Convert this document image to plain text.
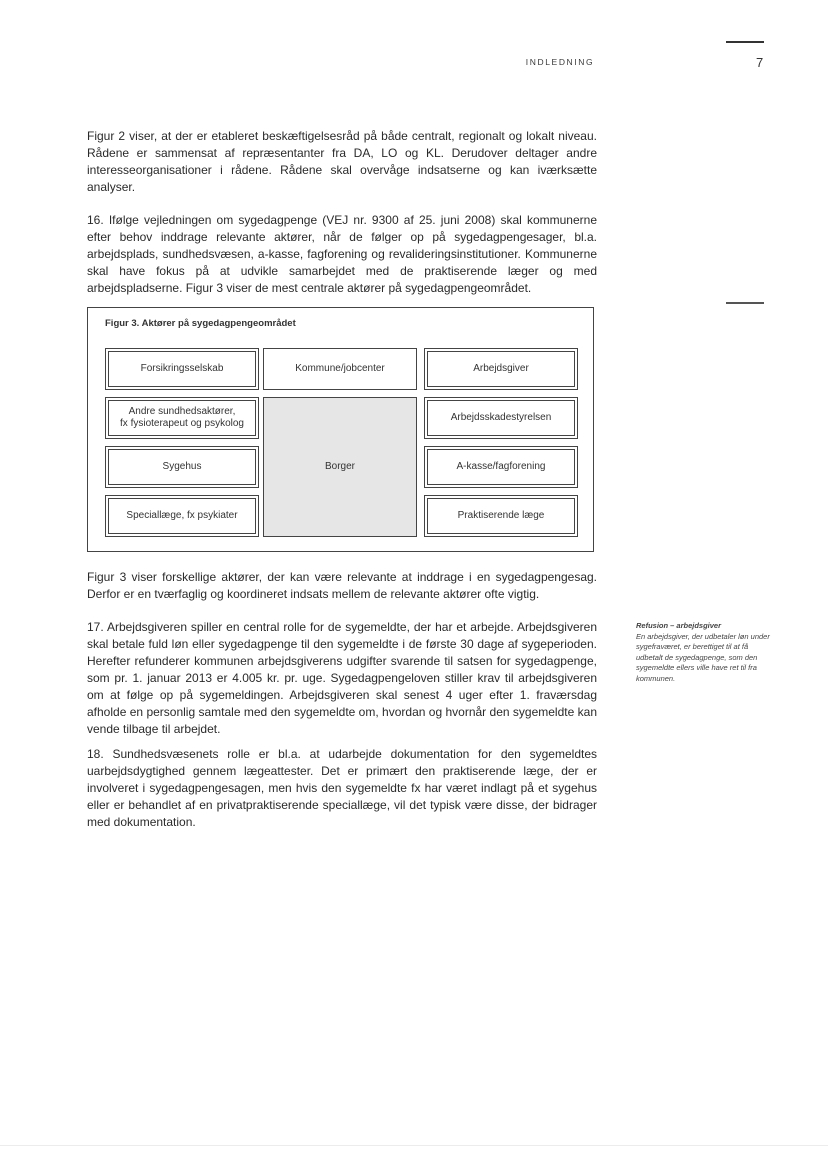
INDLEDNING	7

Figur 2 viser, at der er etableret beskæftigelsesråd på både centralt, regionalt og lokalt niveau. Rådene er sammensat af repræsentanter fra DA, LO og KL. Derudover deltager andre interesseorganisationer i rådene. Rådene skal overvåge indsatserne og kan iværksætte analyser.

16. Ifølge vejledningen om sygedagpenge (VEJ nr. 9300 af 25. juni 2008) skal kommunerne efter behov inddrage relevante aktører, når de følger op på sygedagpengesager, bl.a. arbejdsplads, sundhedsvæsen, a-kasse, fagforening og revalideringsinstitutioner. Kommunerne skal have fokus på at udvikle samarbejdet med de praktiserende læger og med arbejdspladserne. Figur 3 viser de mest centrale aktører på sygedagpengeområdet.

Figur 3. Aktører på sygedagpengeområdet
Forsikringsselskab	Kommune/jobcenter	Arbejdsgiver
Andre sundhedsaktører,
fx fysioterapeut og psykolog
Borger
Arbejdsskadestyrelsen
Sygehus	A-kasse/fagforening
Speciallæge, fx psykiater	Praktiserende læge

Figur 3 viser forskellige aktører, der kan være relevante at inddrage i en sygedagpengesag. Derfor er en tværfaglig og koordineret indsats mellem de relevante aktører ofte vigtig.

17. Arbejdsgiveren spiller en central rolle for de sygemeldte, der har et arbejde. Arbejdsgiveren skal betale fuld løn eller sygedagpenge til den sygemeldte i de første 30 dage af sygeperioden. Herefter refunderer kommunen arbejdsgiverens udgifter svarende til satsen for sygedagpenge, som pr. 1. januar 2013 er 4.005 kr. pr. uge. Sygedagpengeloven stiller krav til arbejdsgiveren om at følge op på sygemeldingen. Arbejdsgiveren skal senest 4 uger efter 1. fraværsdag afholde en personlig samtale med den sygemeldte om, hvordan og hvornår den sygemeldte kan vende tilbage til arbejdet.

Refusion – arbejdsgiver
En arbejdsgiver, der udbetaler løn under sygefraværet, er berettiget til at få udbetalt de sygedagpenge, som den sygemeldte ellers ville have ret til fra kommunen.

18. Sundhedsvæsenets rolle er bl.a. at udarbejde dokumentation for den sygemeldtes uarbejdsdygtighed gennem lægeattester. Det er primært den praktiserende læge, der er involveret i sygedagpengesagen, men hvis den sygemeldte fx har været indlagt på et sygehus eller er behandlet af en privatpraktiserende speciallæge, vil det typisk være disse, der bidrager med dokumentation.
